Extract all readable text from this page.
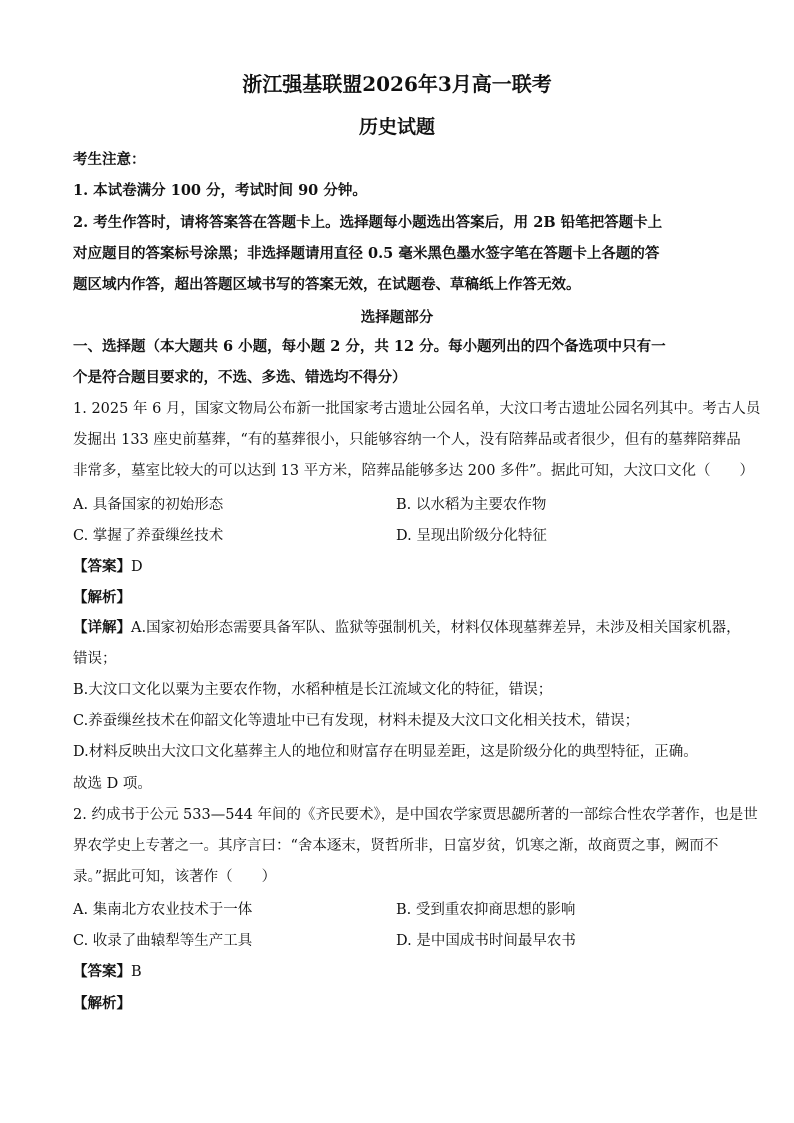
浙江强基联盟2026年3月高一联考
历史试题
考生注意：
1. 本试卷满分 100 分，考试时间 90 分钟。
2. 考生作答时，请将答案答在答题卡上。选择题每小题选出答案后，用 2B 铅笔把答题卡上
对应题目的答案标号涂黑；非选择题请用直径 0.5 毫米黑色墨水签字笔在答题卡上各题的答
题区域内作答，超出答题区域书写的答案无效，在试题卷、草稿纸上作答无效。
选择题部分
一、选择题（本大题共 6 小题，每小题 2 分，共 12 分。每小题列出的四个备选项中只有一
个是符合题目要求的，不选、多选、错选均不得分）
1. 2025 年 6 月，国家文物局公布新一批国家考古遗址公园名单，大汶口考古遗址公园名列其中。考古人员
发掘出 133 座史前墓葬，“有的墓葬很小，只能够容纳一个人，没有陪葬品或者很少，但有的墓葬陪葬品
非常多，墓室比较大的可以达到 13 平方米，陪葬品能够多达 200 多件”。据此可知，大汶口文化（　　）
A. 具备国家的初始形态	B. 以水稻为主要农作物
C. 掌握了养蚕缫丝技术	D. 呈现出阶级分化特征
【答案】D
【解析】
【详解】A.国家初始形态需要具备军队、监狱等强制机关，材料仅体现墓葬差异，未涉及相关国家机器，
错误；
B.大汶口文化以粟为主要农作物，水稻种植是长江流域文化的特征，错误；
C.养蚕缫丝技术在仰韶文化等遗址中已有发现，材料未提及大汶口文化相关技术，错误；
D.材料反映出大汶口文化墓葬主人的地位和财富存在明显差距，这是阶级分化的典型特征，正确。
故选 D 项。
2. 约成书于公元 533—544 年间的《齐民要术》，是中国农学家贾思勰所著的一部综合性农学著作，也是世
界农学史上专著之一。其序言曰：“舍本逐末，贤哲所非，日富岁贫，饥寒之渐，故商贾之事，阙而不
录。”据此可知，该著作（　　）
A. 集南北方农业技术于一体	B. 受到重农抑商思想的影响
C. 收录了曲辕犁等生产工具	D. 是中国成书时间最早农书
【答案】B
【解析】
